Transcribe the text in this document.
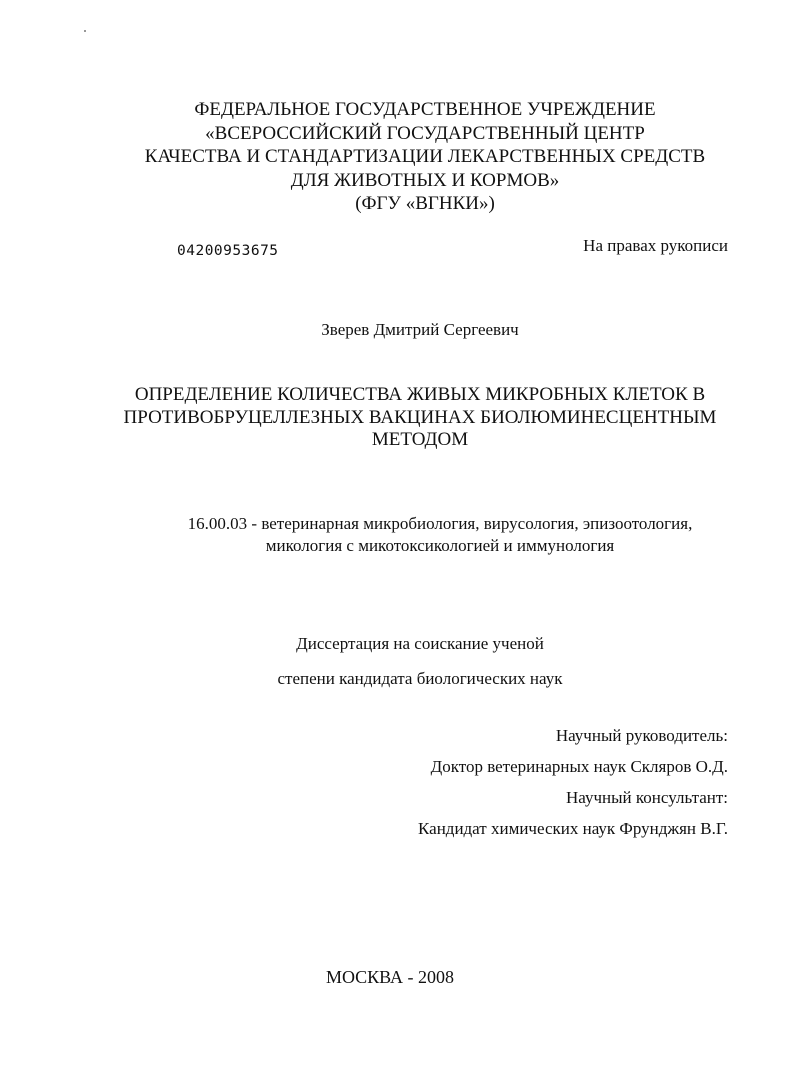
ФЕДЕРАЛЬНОЕ ГОСУДАРСТВЕННОЕ УЧРЕЖДЕНИЕ
«ВСЕРОССИЙСКИЙ ГОСУДАРСТВЕННЫЙ ЦЕНТР
КАЧЕСТВА И СТАНДАРТИЗАЦИИ ЛЕКАРСТВЕННЫХ СРЕДСТВ
ДЛЯ ЖИВОТНЫХ И КОРМОВ»
(ФГУ «ВГНКИ»)
04200953675	На правах рукописи
Зверев Дмитрий Сергеевич
ОПРЕДЕЛЕНИЕ КОЛИЧЕСТВА ЖИВЫХ МИКРОБНЫХ КЛЕТОК В
ПРОТИВОБРУЦЕЛЛЕЗНЫХ ВАКЦИНАХ БИОЛЮМИНЕСЦЕНТНЫМ
МЕТОДОМ
16.00.03 - ветеринарная микробиология, вирусология, эпизоотология,
микология с микотоксикологией и иммунология
Диссертация на соискание ученой
степени кандидата биологических наук
Научный руководитель:
Доктор ветеринарных наук Скляров О.Д.
Научный консультант:
Кандидат химических наук Фрунджян В.Г.
МОСКВА - 2008
